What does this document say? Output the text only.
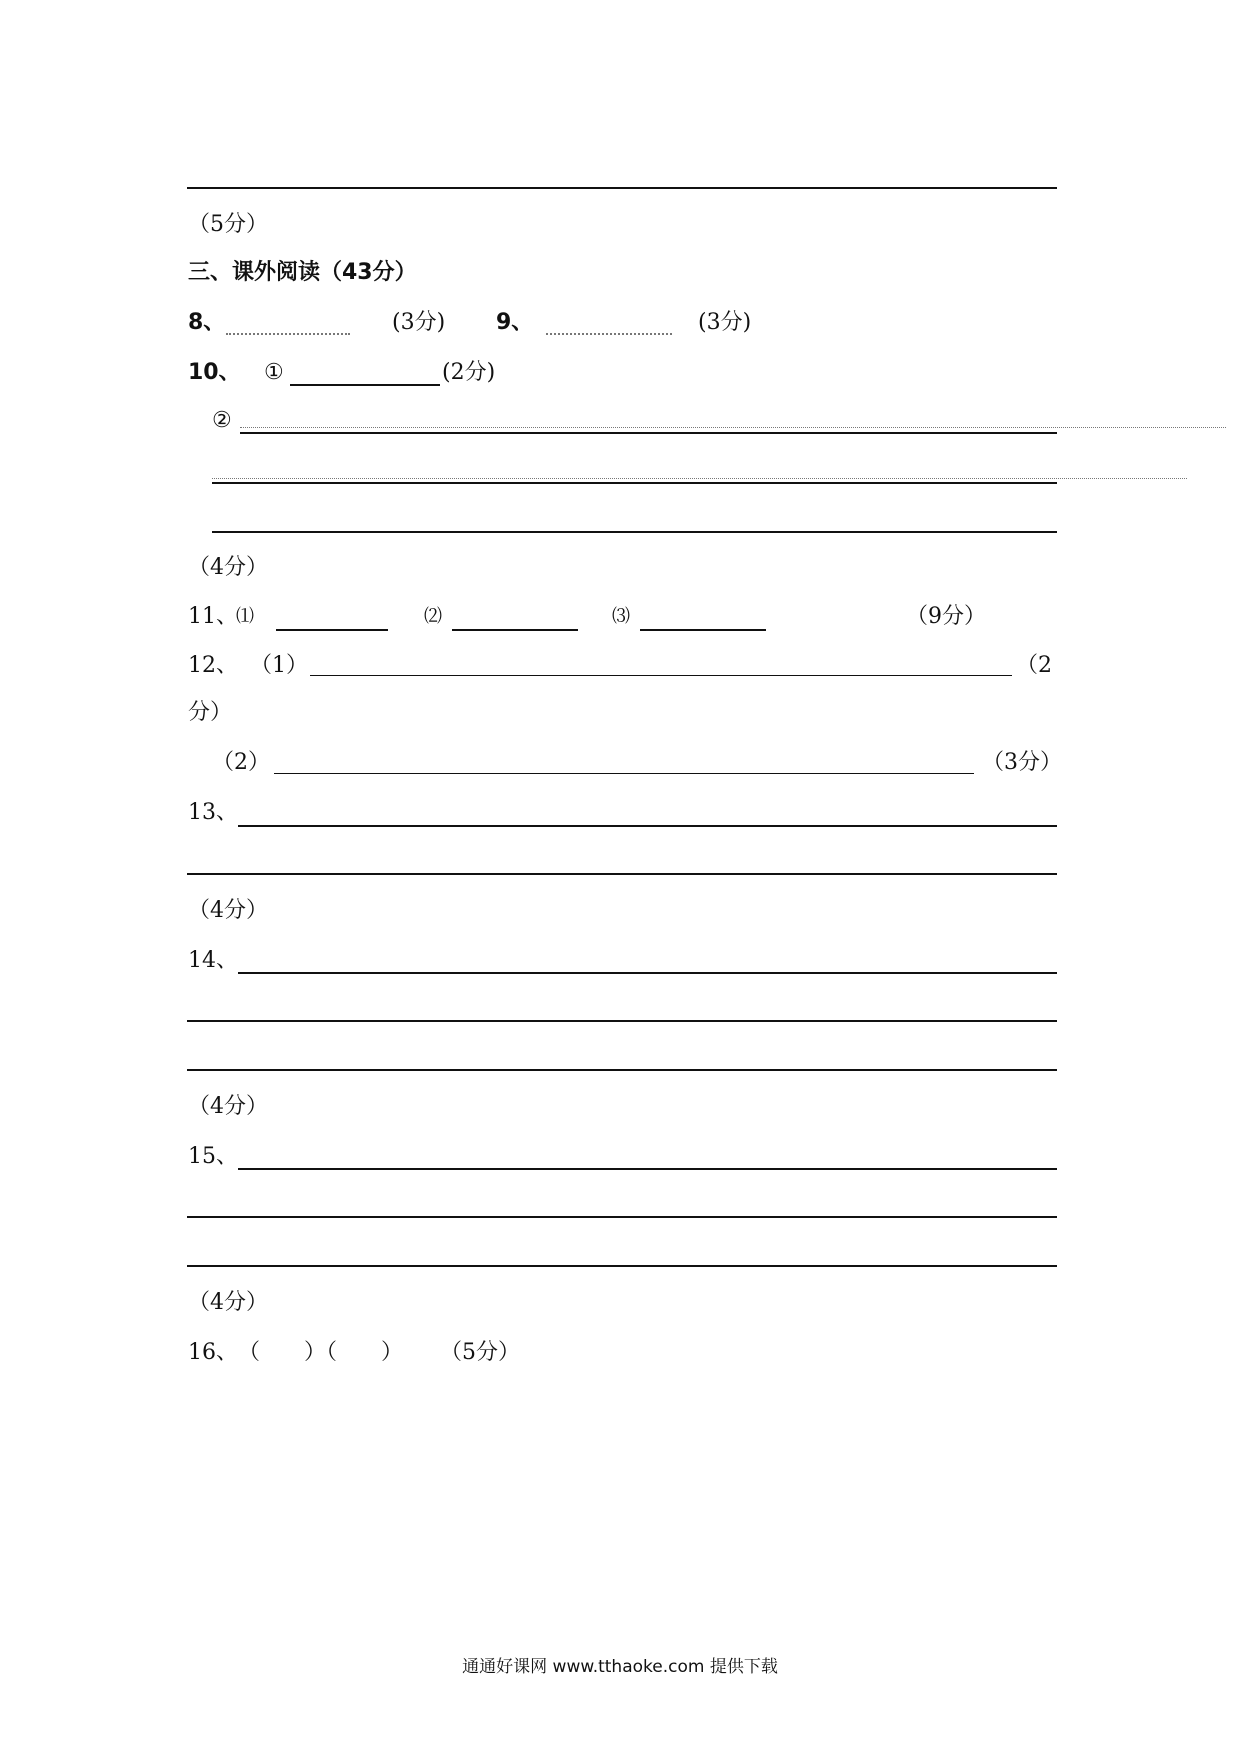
（5分）
三、课外阅读（43分）
8、	(3分) 9、	(3分)
10、 ①	(2分)
②
（4分）
11、
⑴	⑵	⑶	（9分）
12、 （1）	（2
分）
（2）	（3分）
13、
（4分）
14、
（4分）
15、
（4分）
16、 （　　）（　　） （5分）
通通好课网 www.tthaoke.com 提供下载
